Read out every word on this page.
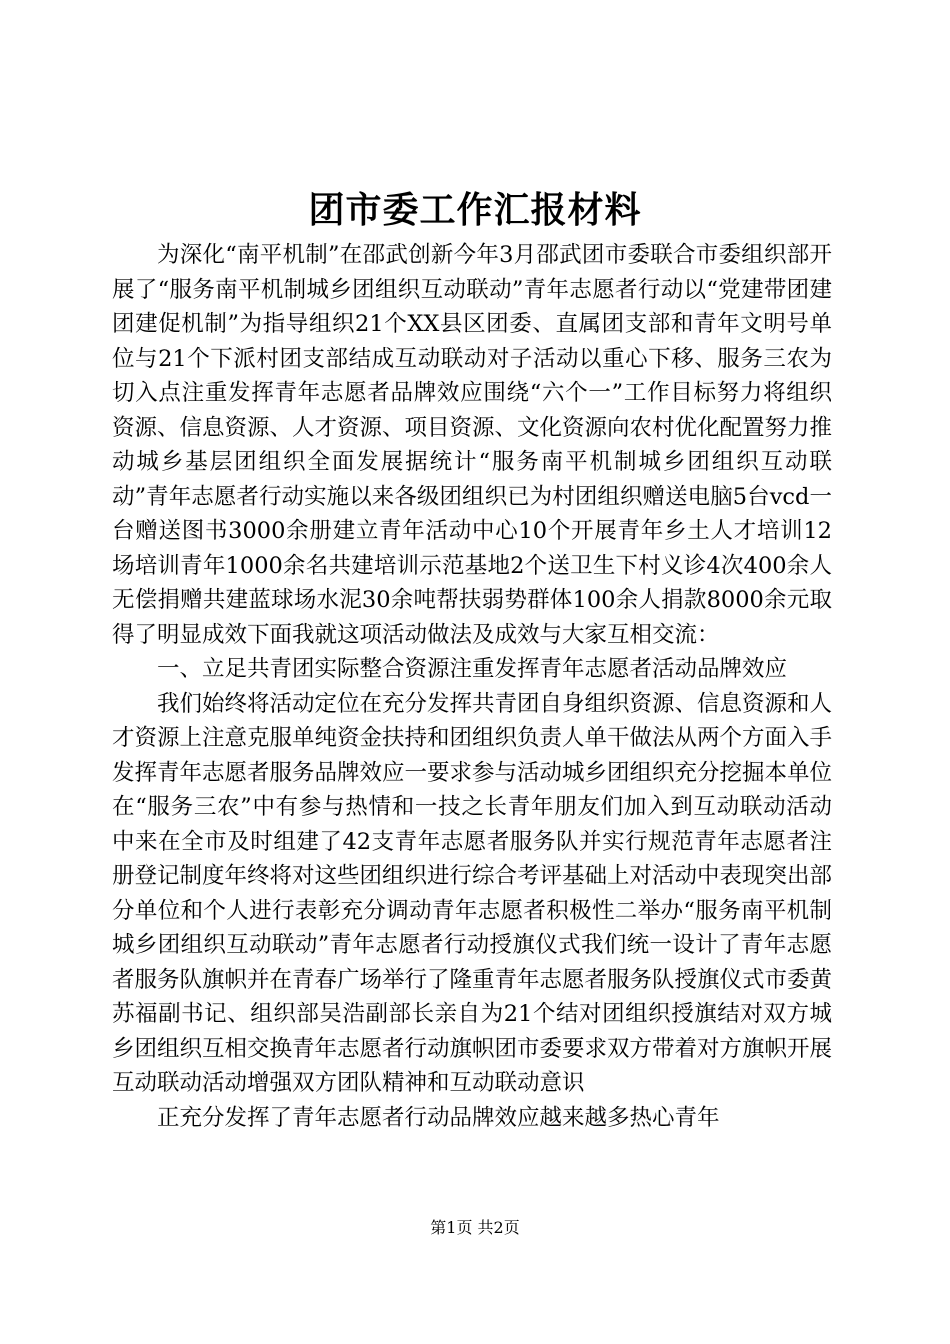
团市委工作汇报材料

为深化“南平机制”在邵武创新今年3月邵武团市委联合市委组织部开展了“服务南平机制城乡团组织互动联动”青年志愿者行动以“党建带团建团建促机制”为指导组织21个XX县区团委、直属团支部和青年文明号单位与21个下派村团支部结成互动联动对子活动以重心下移、服务三农为切入点注重发挥青年志愿者品牌效应围绕“六个一”工作目标努力将组织资源、信息资源、人才资源、项目资源、文化资源向农村优化配置努力推动城乡基层团组织全面发展据统计“服务南平机制城乡团组织互动联动”青年志愿者行动实施以来各级团组织已为村团组织赠送电脑5台vcd一台赠送图书3000余册建立青年活动中心10个开展青年乡土人才培训12场培训青年1000余名共建培训示范基地2个送卫生下村义诊4次400余人无偿捐赠共建蓝球场水泥30余吨帮扶弱势群体100余人捐款8000余元取得了明显成效下面我就这项活动做法及成效与大家互相交流：

一、立足共青团实际整合资源注重发挥青年志愿者活动品牌效应

我们始终将活动定位在充分发挥共青团自身组织资源、信息资源和人才资源上注意克服单纯资金扶持和团组织负责人单干做法从两个方面入手发挥青年志愿者服务品牌效应一要求参与活动城乡团组织充分挖掘本单位在“服务三农”中有参与热情和一技之长青年朋友们加入到互动联动活动中来在全市及时组建了42支青年志愿者服务队并实行规范青年志愿者注册登记制度年终将对这些团组织进行综合考评基础上对活动中表现突出部分单位和个人进行表彰充分调动青年志愿者积极性二举办“服务南平机制城乡团组织互动联动”青年志愿者行动授旗仪式我们统一设计了青年志愿者服务队旗帜并在青春广场举行了隆重青年志愿者服务队授旗仪式市委黄苏福副书记、组织部吴浩副部长亲自为21个结对团组织授旗结对双方城乡团组织互相交换青年志愿者行动旗帜团市委要求双方带着对方旗帜开展互动联动活动增强双方团队精神和互动联动意识

正充分发挥了青年志愿者行动品牌效应越来越多热心青年

第1页 共2页
